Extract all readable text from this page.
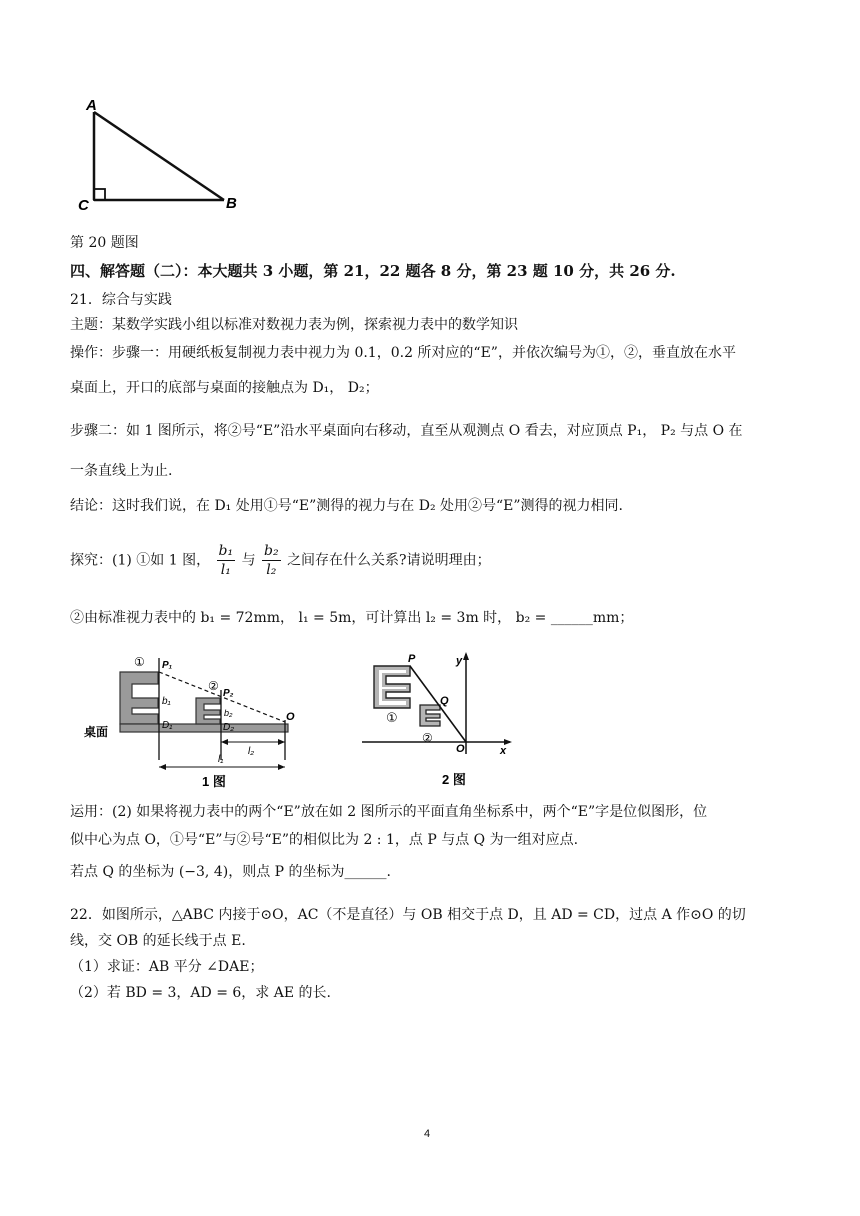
A
C	B
第 20 题图
四、解答题（二）：本大题共 3 小题，第 21，22 题各 8 分，第 23 题 10 分，共 26 分.
21．综合与实践
主题：某数学实践小组以标准对数视力表为例，探索视力表中的数学知识
操作：步骤一：用硬纸板复制视力表中视力为 0.1，0.2 所对应的“E”，并依次编号为①，②，垂直放在水平
桌面上，开口的底部与桌面的接触点为 D₁， D₂；
步骤二：如 1 图所示，将②号“E”沿水平桌面向右移动，直至从观测点 O 看去，对应顶点 P₁， P₂ 与点 O 在
一条直线上为止.
结论：这时我们说，在 D₁ 处用①号“E”测得的视力与在 D₂ 处用②号“E”测得的视力相同.
探究：(1) ①如 1 图， $\frac{\text{b₁}}{\text{l₁}}$ 与 $\frac{\text{b₂}}{\text{l₂}}$ 之间存在什么关系?请说明理由；
②由标准视力表中的 b₁ = 72mm， l₁ = 5m，可计算出 l₂ = 3m 时， b₂ = ______mm；
① P₁
②
P₂
b₁
b₂
D₁	D₂
O
桌面
l₂
l₁
1 图
P
Q
O
y
x
①
②
2 图
运用：(2) 如果将视力表中的两个“E”放在如 2 图所示的平面直角坐标系中，两个“E”字是位似图形，位
似中心为点 O，①号“E”与②号“E”的相似比为 2 : 1，点 P 与点 Q 为一组对应点.
若点 Q 的坐标为 (−3, 4)，则点 P 的坐标为______.
22．如图所示，△ABC 内接于⊙O，AC（不是直径）与 OB 相交于点 D，且 AD = CD，过点 A 作⊙O 的切
线，交 OB 的延长线于点 E.
（1）求证：AB 平分 ∠DAE；
（2）若 BD = 3，AD = 6，求 AE 的长.
4
